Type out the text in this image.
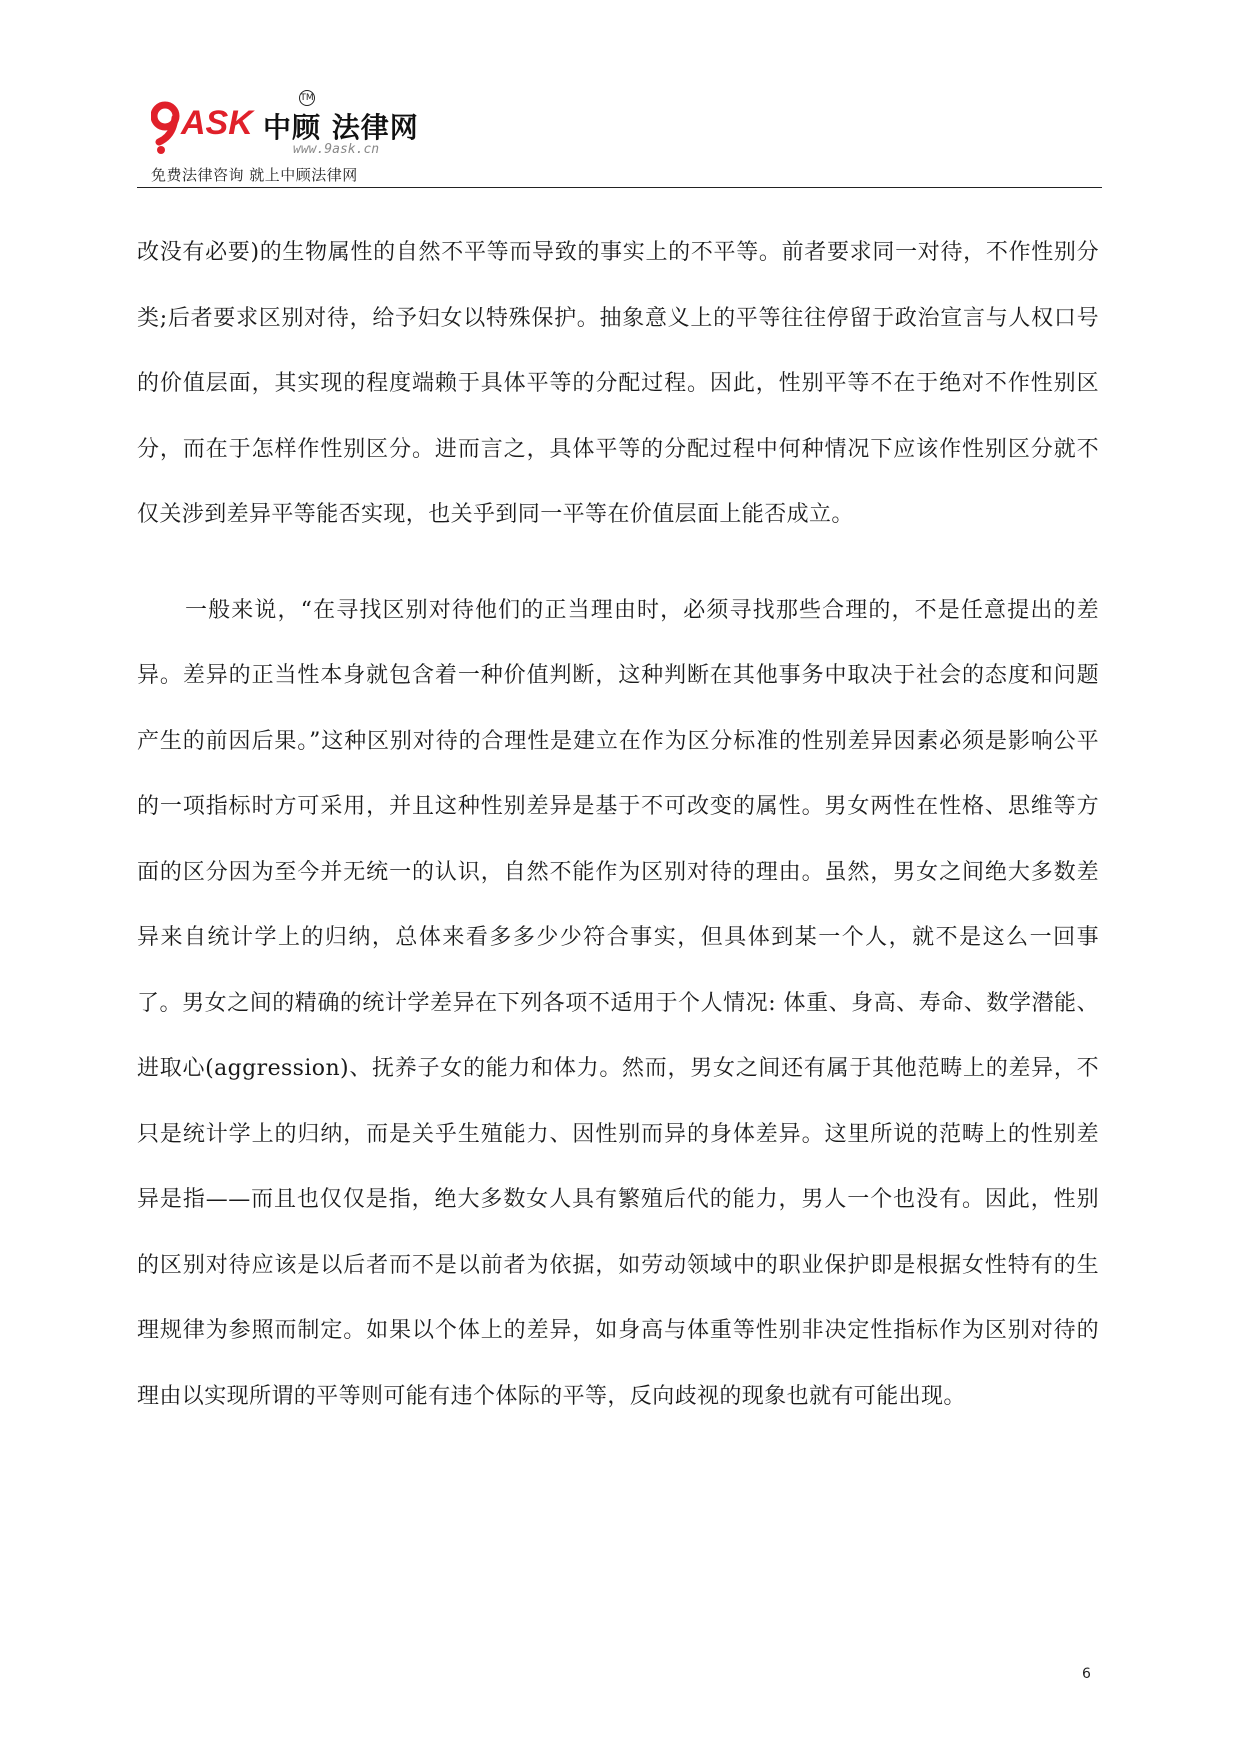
ASK 中顾 法律网
TM
www.9ask.cn
免费法律咨询 就上中顾法律网

改没有必要)的生物属性的自然不平等而导致的事实上的不平等。前者要求同一对待，不作性别分类;后者要求区别对待，给予妇女以特殊保护。抽象意义上的平等往往停留于政治宣言与人权口号的价值层面，其实现的程度端赖于具体平等的分配过程。因此，性别平等不在于绝对不作性别区分，而在于怎样作性别区分。进而言之，具体平等的分配过程中何种情况下应该作性别区分就不仅关涉到差异平等能否实现，也关乎到同一平等在价值层面上能否成立。

一般来说，“在寻找区别对待他们的正当理由时，必须寻找那些合理的，不是任意提出的差异。差异的正当性本身就包含着一种价值判断，这种判断在其他事务中取决于社会的态度和问题产生的前因后果。”这种区别对待的合理性是建立在作为区分标准的性别差异因素必须是影响公平的一项指标时方可采用，并且这种性别差异是基于不可改变的属性。男女两性在性格、思维等方面的区分因为至今并无统一的认识，自然不能作为区别对待的理由。虽然，男女之间绝大多数差异来自统计学上的归纳，总体来看多多少少符合事实，但具体到某一个人，就不是这么一回事了。男女之间的精确的统计学差异在下列各项不适用于个人情况: 体重、身高、寿命、数学潜能、进取心(aggression)、抚养子女的能力和体力。然而，男女之间还有属于其他范畴上的差异，不只是统计学上的归纳，而是关乎生殖能力、因性别而异的身体差异。这里所说的范畴上的性别差异是指——而且也仅仅是指，绝大多数女人具有繁殖后代的能力，男人一个也没有。因此，性别的区别对待应该是以后者而不是以前者为依据，如劳动领域中的职业保护即是根据女性特有的生理规律为参照而制定。如果以个体上的差异，如身高与体重等性别非决定性指标作为区别对待的理由以实现所谓的平等则可能有违个体际的平等，反向歧视的现象也就有可能出现。

6
